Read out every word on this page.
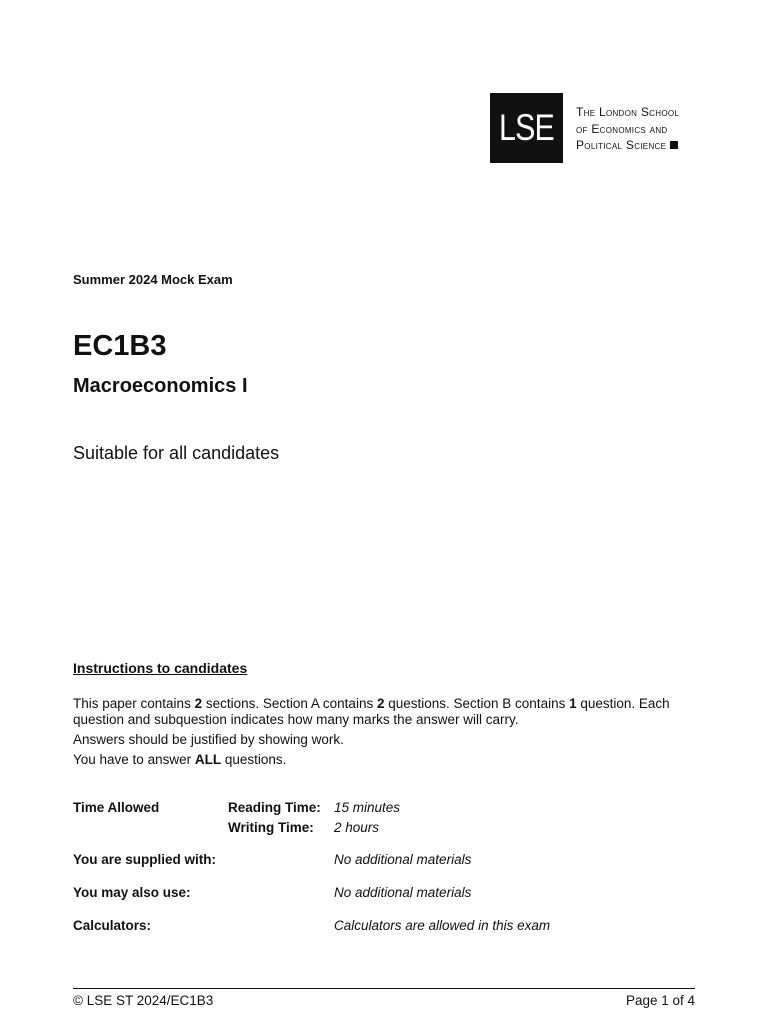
LSE The London School
of Economics and
Political Science
Summer 2024 Mock Exam
EC1B3
Macroeconomics I
Suitable for all candidates
Instructions to candidates

This paper contains 2 sections. Section A contains 2 questions. Section B contains 1 question. Each question and subquestion indicates how many marks the answer will carry.

Answers should be justified by showing work.

You have to answer ALL questions.

Time Allowed	Reading Time: 15 minutes
Writing Time: 2 hours
You are supplied with:	No additional materials
You may also use:	No additional materials
Calculators:	Calculators are allowed in this exam
© LSE ST 2024/EC1B3	Page 1 of 4
